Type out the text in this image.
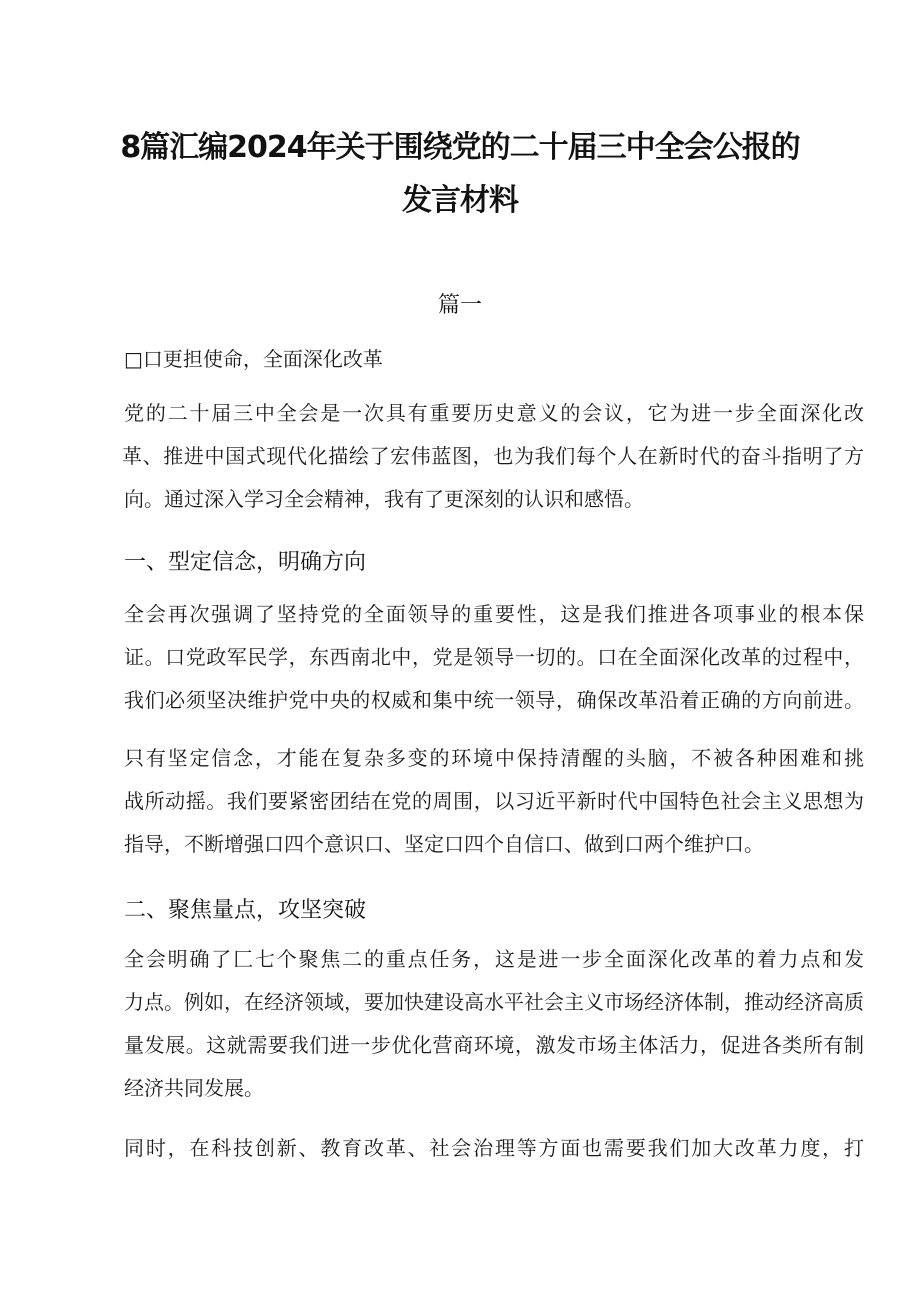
8篇汇编2024年关于围绕党的二十届三中全会公报的
发言材料
篇一
□口更担使命，全面深化改革
党的二十届三中全会是一次具有重要历史意义的会议，它为进一步全面深化改
革、推进中国式现代化描绘了宏伟蓝图，也为我们每个人在新时代的奋斗指明了方
向。通过深入学习全会精神，我有了更深刻的认识和感悟。
一、型定信念，明确方向
全会再次强调了坚持党的全面领导的重要性，这是我们推进各项事业的根本保
证。口党政军民学，东西南北中，党是领导一切的。口在全面深化改革的过程中，
我们必须坚决维护党中央的权威和集中统一领导，确保改革沿着正确的方向前进。
只有坚定信念，才能在复杂多变的环境中保持清醒的头脑，不被各种困难和挑
战所动摇。我们要紧密团结在党的周围，以习近平新时代中国特色社会主义思想为
指导，不断增强口四个意识口、坚定口四个自信口、做到口两个维护口。
二、聚焦量点，攻坚突破
全会明确了匚七个聚焦二的重点任务，这是进一步全面深化改革的着力点和发
力点。例如，在经济领域，要加快建设高水平社会主义市场经济体制，推动经济高质
量发展。这就需要我们进一步优化营商环境，激发市场主体活力，促进各类所有制
经济共同发展。
同时，在科技创新、教育改革、社会治理等方面也需要我们加大改革力度，打
